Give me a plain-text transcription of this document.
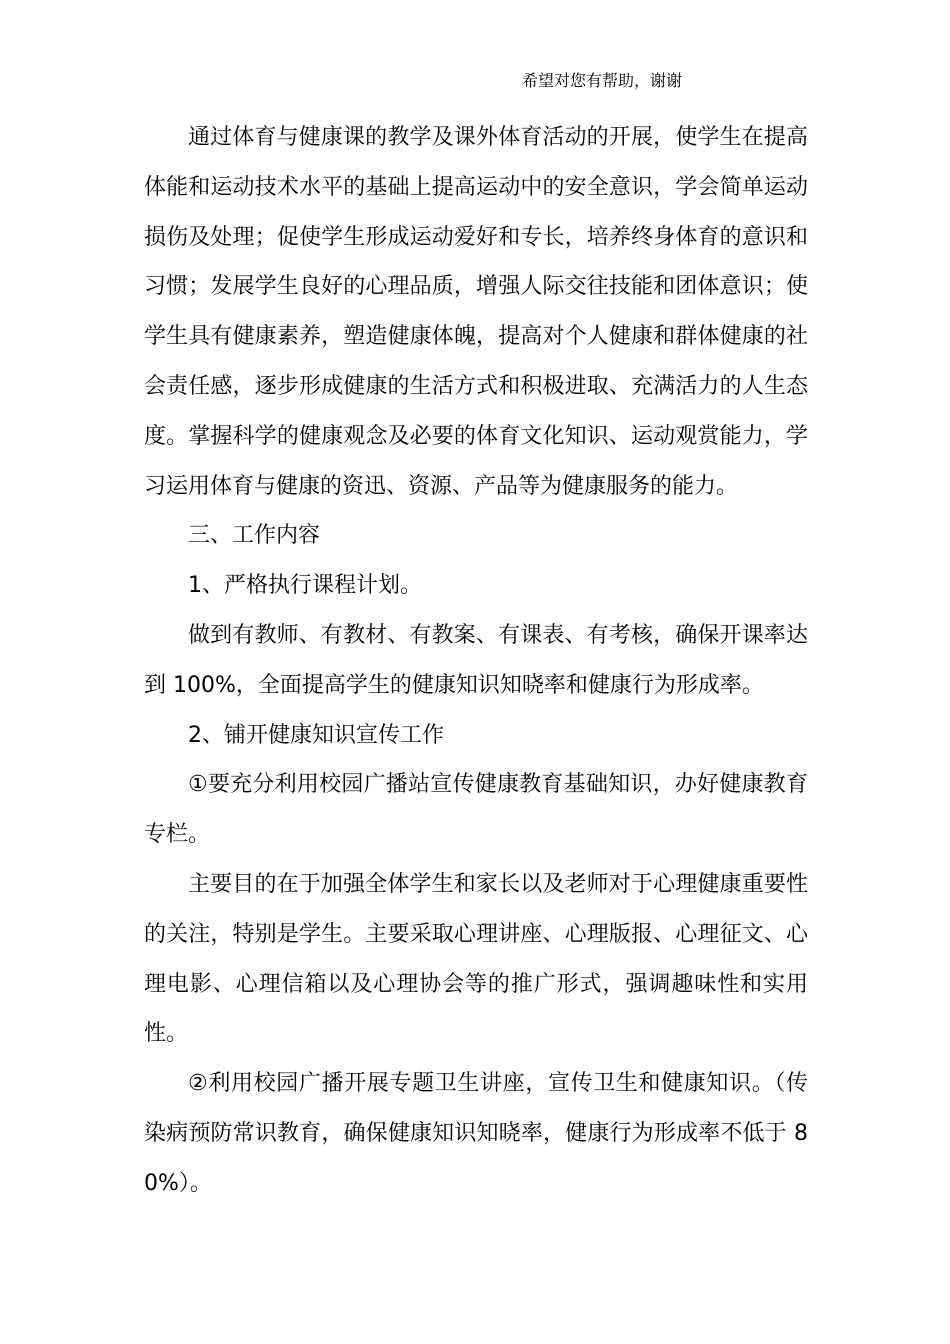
希望对您有帮助，谢谢

通过体育与健康课的教学及课外体育活动的开展，使学生在提高体能和运动技术水平的基础上提高运动中的安全意识，学会简单运动损伤及处理；促使学生形成运动爱好和专长，培养终身体育的意识和习惯；发展学生良好的心理品质，增强人际交往技能和团体意识；使学生具有健康素养，塑造健康体魄，提高对个人健康和群体健康的社会责任感，逐步形成健康的生活方式和积极进取、充满活力的人生态度。掌握科学的健康观念及必要的体育文化知识、运动观赏能力，学习运用体育与健康的资迅、资源、产品等为健康服务的能力。

三、工作内容

1、严格执行课程计划。

做到有教师、有教材、有教案、有课表、有考核，确保开课率达到 100%，全面提高学生的健康知识知晓率和健康行为形成率。

2、铺开健康知识宣传工作

①要充分利用校园广播站宣传健康教育基础知识，办好健康教育专栏。

主要目的在于加强全体学生和家长以及老师对于心理健康重要性的关注，特别是学生。主要采取心理讲座、心理版报、心理征文、心理电影、心理信箱以及心理协会等的推广形式，强调趣味性和实用性。

②利用校园广播开展专题卫生讲座，宣传卫生和健康知识。（传染病预防常识教育，确保健康知识知晓率，健康行为形成率不低于 80%）。
